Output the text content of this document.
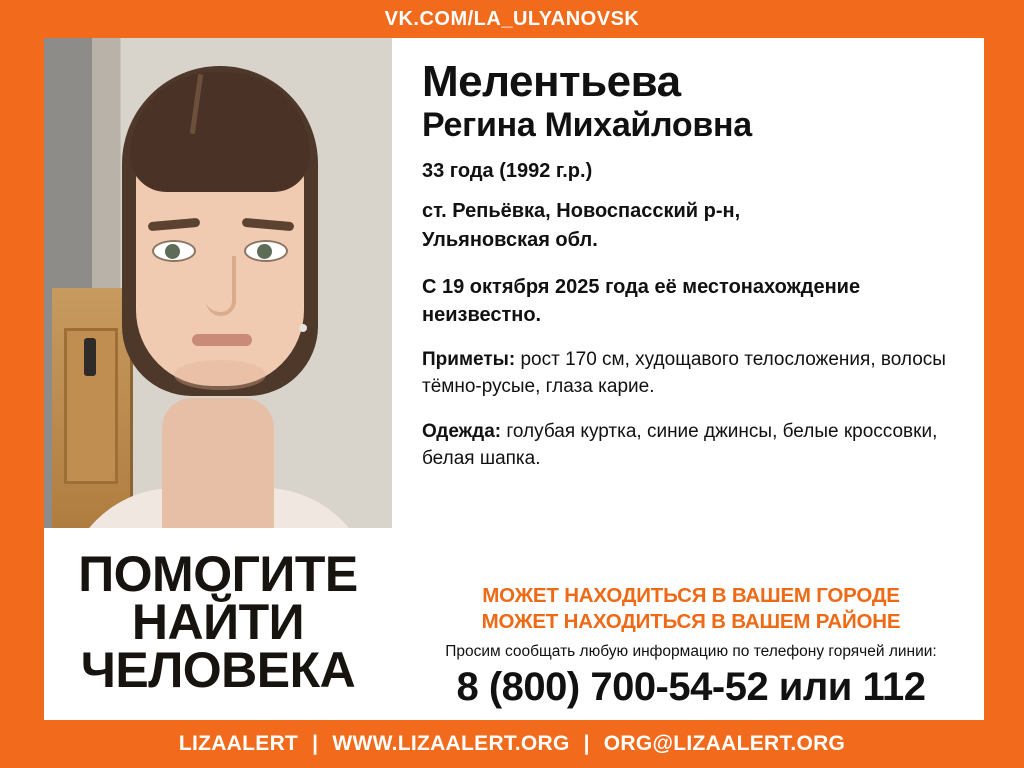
VK.COM/LA_ULYANOVSK
ПОМОГИТЕ
НАЙТИ
ЧЕЛОВЕКА
Мелентьева
Регина Михайловна
33 года (1992 г.р.)
ст. Репьёвка, Новоспасский р-н,
Ульяновская обл.
С 19 октября 2025 года её местонахождение
неизвестно.
Приметы: рост 170 см, худощавого телосложения, волосы тёмно-русые, глаза карие.
Одежда: голубая куртка, синие джинсы, белые кроссовки, белая шапка.
МОЖЕТ НАХОДИТЬСЯ В ВАШЕМ ГОРОДЕ
МОЖЕТ НАХОДИТЬСЯ В ВАШЕМ РАЙОНЕ
Просим сообщать любую информацию по телефону горячей линии:
8 (800) 700-54-52 или 112
LIZAALERT | WWW.LIZAALERT.ORG | ORG@LIZAALERT.ORG
